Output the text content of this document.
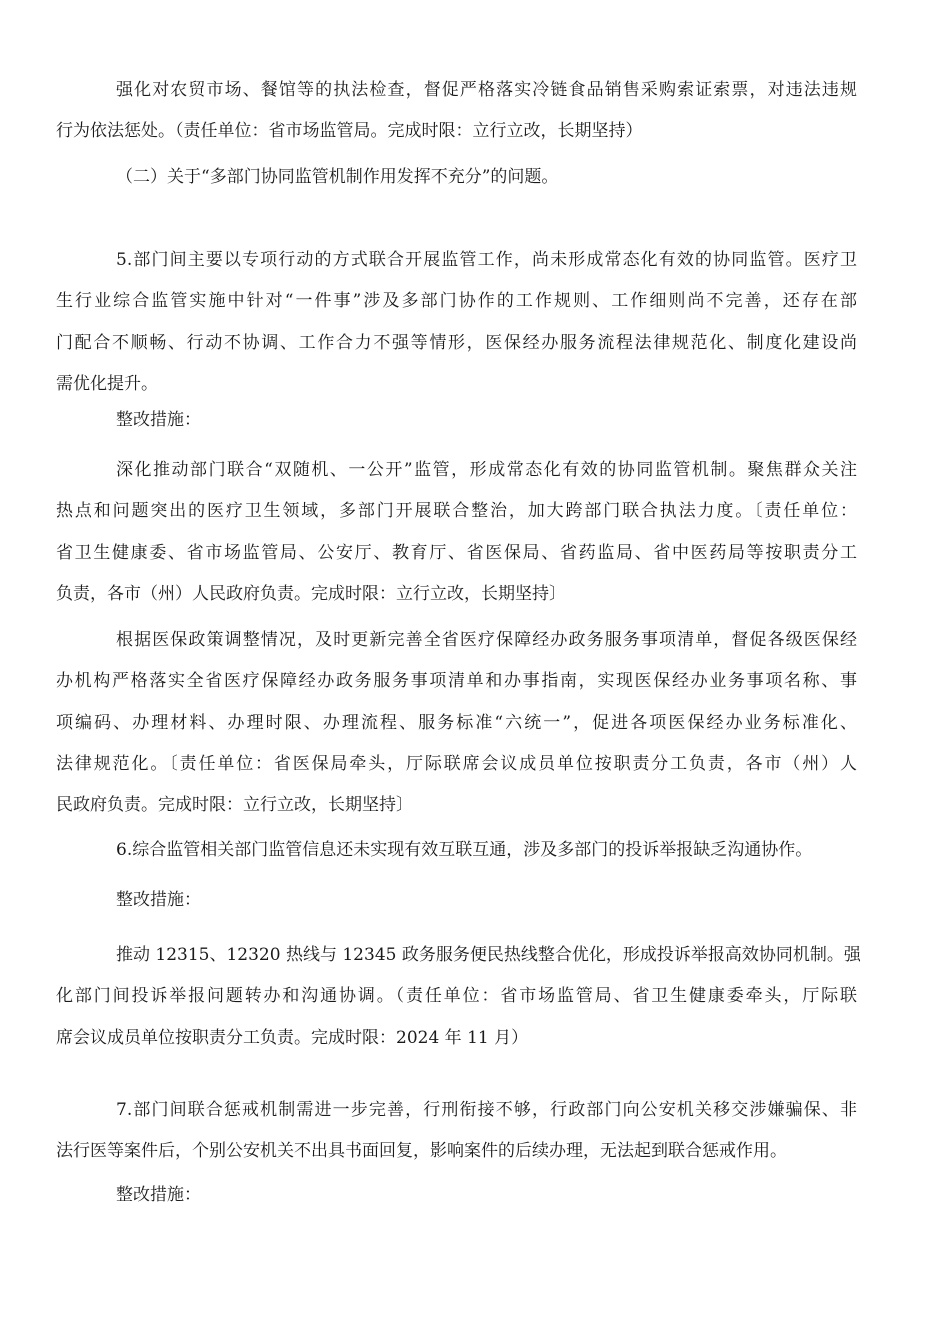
强化对农贸市场、餐馆等的执法检查，督促严格落实冷链食品销售采购索证索票，对违法违规
行为依法惩处。（责任单位：省市场监管局。完成时限：立行立改，长期坚持）
（二）关于“多部门协同监管机制作用发挥不充分”的问题。
5.部门间主要以专项行动的方式联合开展监管工作，尚未形成常态化有效的协同监管。医疗卫
生行业综合监管实施中针对“一件事”涉及多部门协作的工作规则、工作细则尚不完善，还存在部
门配合不顺畅、行动不协调、工作合力不强等情形，医保经办服务流程法律规范化、制度化建设尚
需优化提升。
整改措施：
深化推动部门联合“双随机、一公开”监管，形成常态化有效的协同监管机制。聚焦群众关注
热点和问题突出的医疗卫生领域，多部门开展联合整治，加大跨部门联合执法力度。〔责任单位：
省卫生健康委、省市场监管局、公安厅、教育厅、省医保局、省药监局、省中医药局等按职责分工
负责，各市（州）人民政府负责。完成时限：立行立改，长期坚持〕
根据医保政策调整情况，及时更新完善全省医疗保障经办政务服务事项清单，督促各级医保经
办机构严格落实全省医疗保障经办政务服务事项清单和办事指南，实现医保经办业务事项名称、事
项编码、办理材料、办理时限、办理流程、服务标准“六统一”，促进各项医保经办业务标准化、
法律规范化。〔责任单位：省医保局牵头，厅际联席会议成员单位按职责分工负责，各市（州）人
民政府负责。完成时限：立行立改，长期坚持〕
6.综合监管相关部门监管信息还未实现有效互联互通，涉及多部门的投诉举报缺乏沟通协作。
整改措施：
推动 12315、12320 热线与 12345 政务服务便民热线整合优化，形成投诉举报高效协同机制。强
化部门间投诉举报问题转办和沟通协调。（责任单位：省市场监管局、省卫生健康委牵头，厅际联
席会议成员单位按职责分工负责。完成时限：2024 年 11 月）
7.部门间联合惩戒机制需进一步完善，行刑衔接不够，行政部门向公安机关移交涉嫌骗保、非
法行医等案件后，个别公安机关不出具书面回复，影响案件的后续办理，无法起到联合惩戒作用。
整改措施：
